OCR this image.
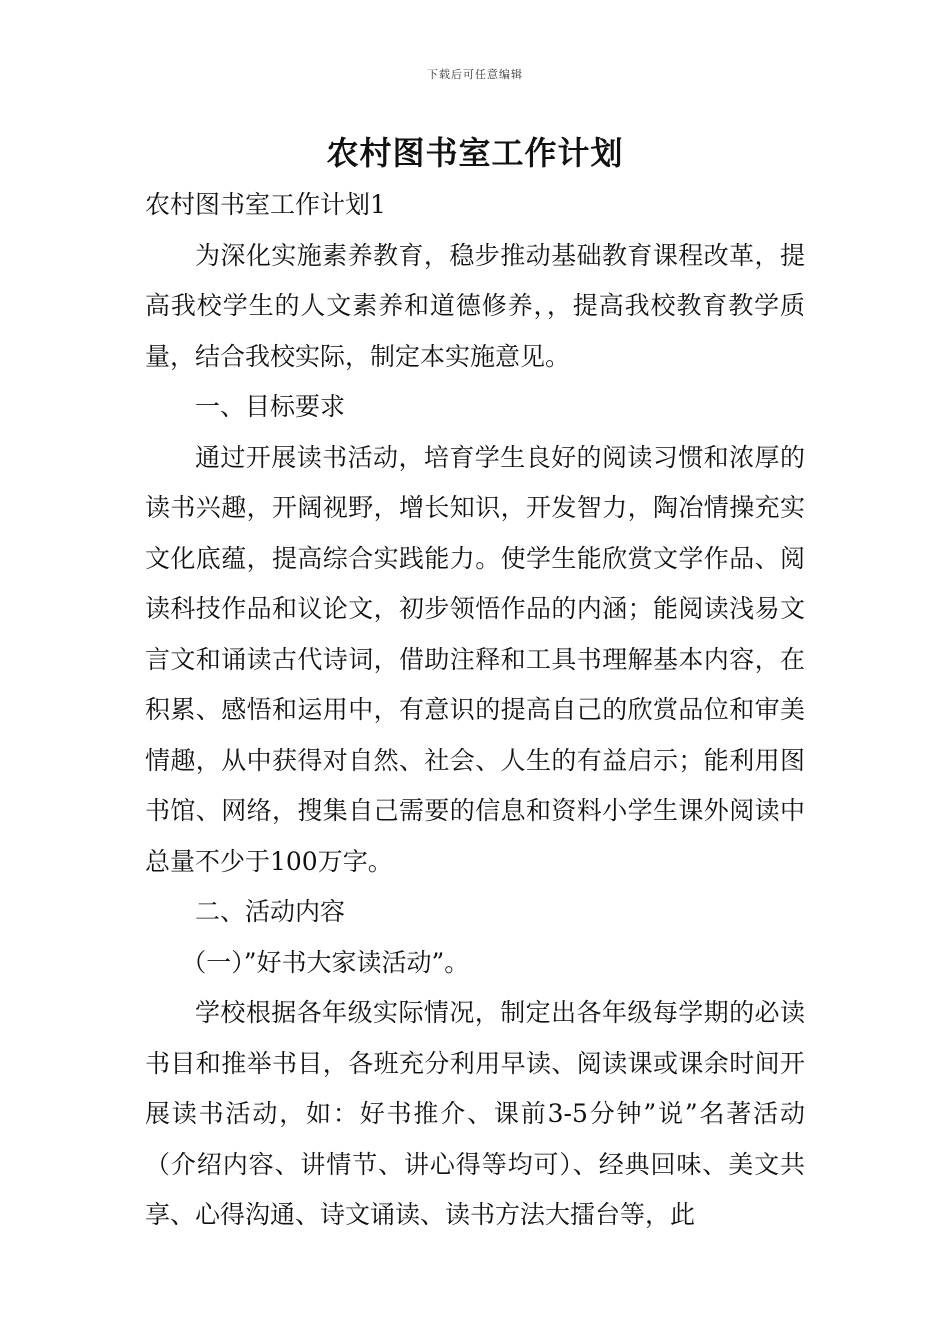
下载后可任意编辑
农村图书室工作计划

农村图书室工作计划1

为深化实施素养教育，稳步推动基础教育课程改革，提高我校学生的人文素养和道德修养，，提高我校教育教学质量，结合我校实际，制定本实施意见。

一、目标要求

通过开展读书活动，培育学生良好的阅读习惯和浓厚的读书兴趣，开阔视野，增长知识，开发智力，陶冶情操充实文化底蕴，提高综合实践能力。使学生能欣赏文学作品、阅读科技作品和议论文，初步领悟作品的内涵；能阅读浅易文言文和诵读古代诗词，借助注释和工具书理解基本内容，在积累、感悟和运用中，有意识的提高自己的欣赏品位和审美情趣，从中获得对自然、社会、人生的有益启示；能利用图书馆、网络，搜集自己需要的信息和资料小学生课外阅读中总量不少于100万字。

二、活动内容

（一）”好书大家读活动”。

学校根据各年级实际情况，制定出各年级每学期的必读书目和推举书目，各班充分利用早读、阅读课或课余时间开展读书活动，如：好书推介、课前3-5分钟”说”名著活动（介绍内容、讲情节、讲心得等均可）、经典回味、美文共享、心得沟通、诗文诵读、读书方法大擂台等，此
